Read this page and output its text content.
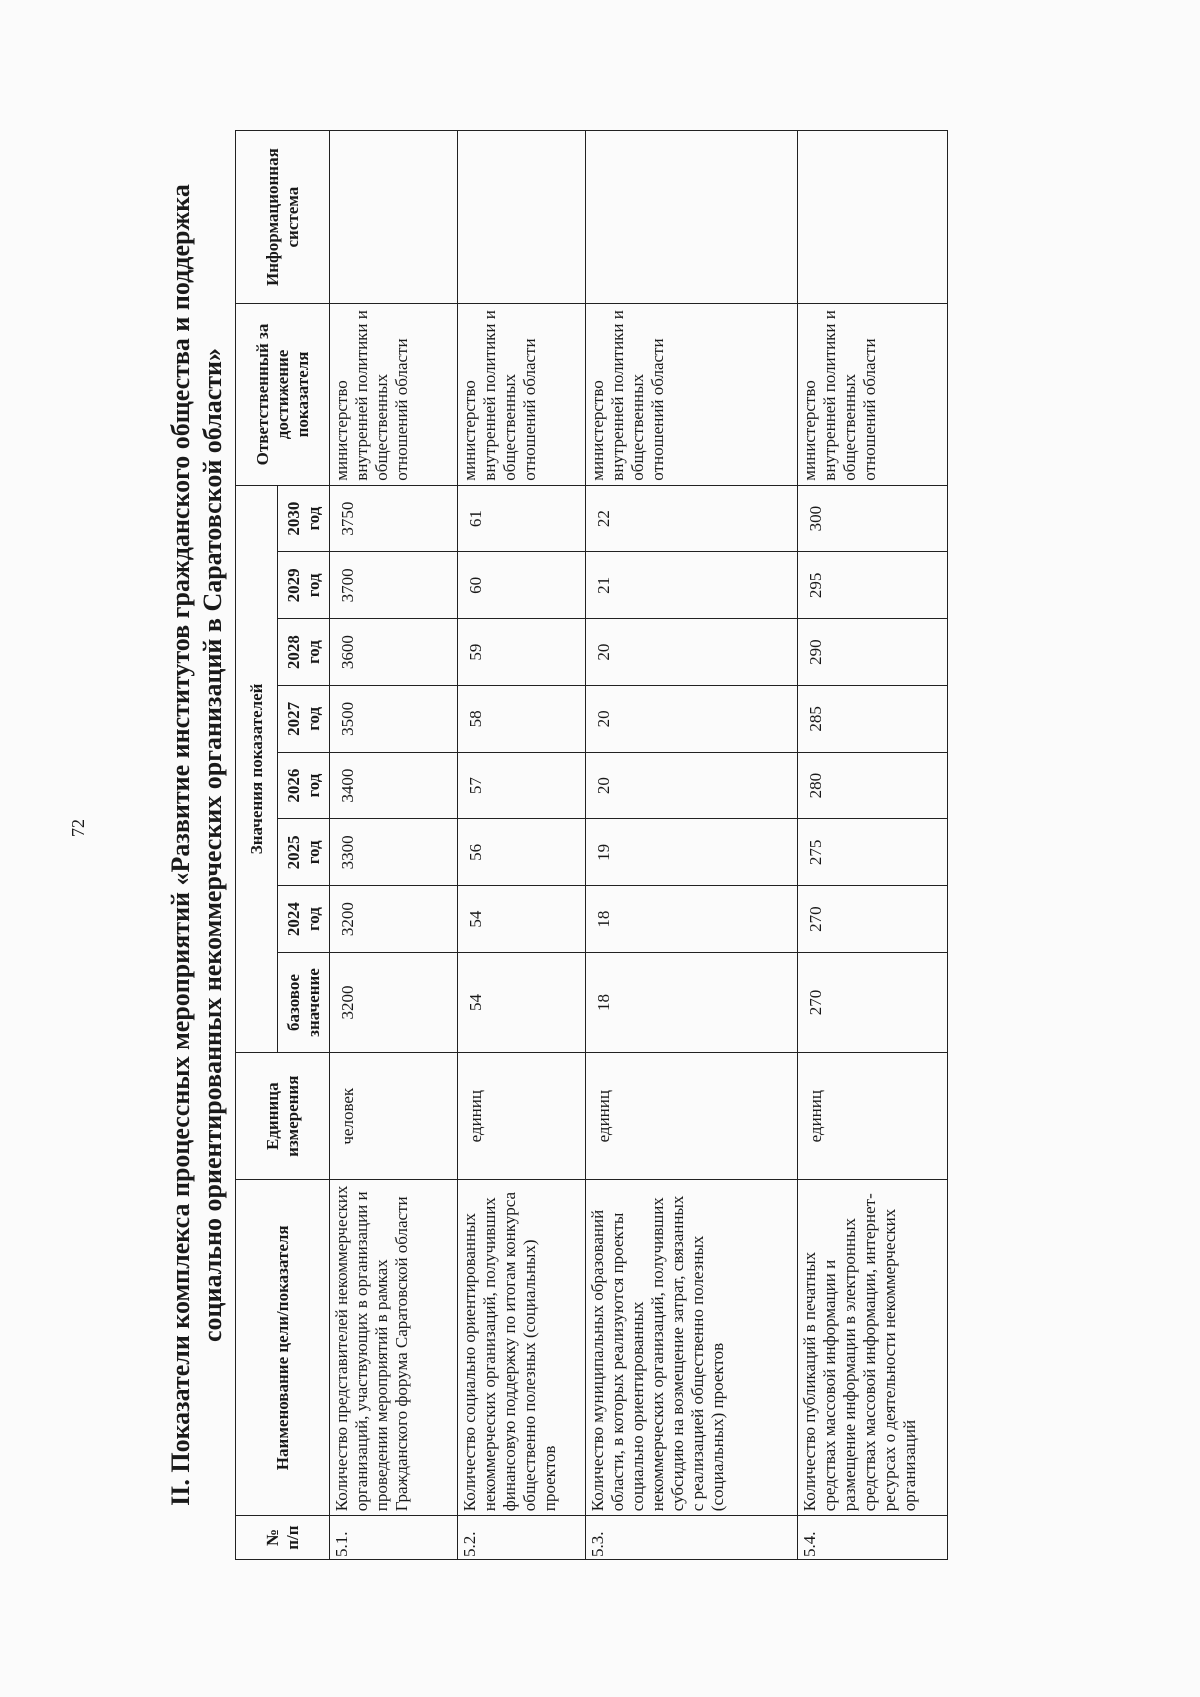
72	II. Показатели комплекса процессных мероприятий «Развитие институтов гражданского общества и поддержка социально ориентированных некоммерческих организаций в Саратовской области»
№ п/п	Наименование цели/показателя	Единица измерения	Значения показателей								Ответственный за достижение показателя	Информационная система
			базовое значение	2024 год	2025 год	2026 год	2027 год	2028 год	2029 год	2030 год		
5.1.	Количество представителей некоммерческих организаций, участвующих в организации и проведении мероприятий в рамках Гражданского форума Саратовской области	человек	3200	3200	3300	3400	3500	3600	3700	3750	министерство внутренней политики и общественных отношений области	
5.2.	Количество социально ориентированных некоммерческих организаций, получивших финансовую поддержку по итогам конкурса общественно полезных (социальных) проектов	единиц	54	54	56	57	58	59	60	61	министерство внутренней политики и общественных отношений области	
5.3.	Количество муниципальных образований области, в которых реализуются проекты социально ориентированных некоммерческих организаций, получивших субсидию на возмещение затрат, связанных с реализацией общественно полезных (социальных) проектов	единиц	18	18	19	20	20	20	21	22	министерство внутренней политики и общественных отношений области	
5.4.	Количество публикаций в печатных средствах массовой информации и размещение информации в электронных средствах массовой информации, интернет-ресурсах о деятельности некоммерческих организаций	единиц	270	270	275	280	285	290	295	300	министерство внутренней политики и общественных отношений области	
